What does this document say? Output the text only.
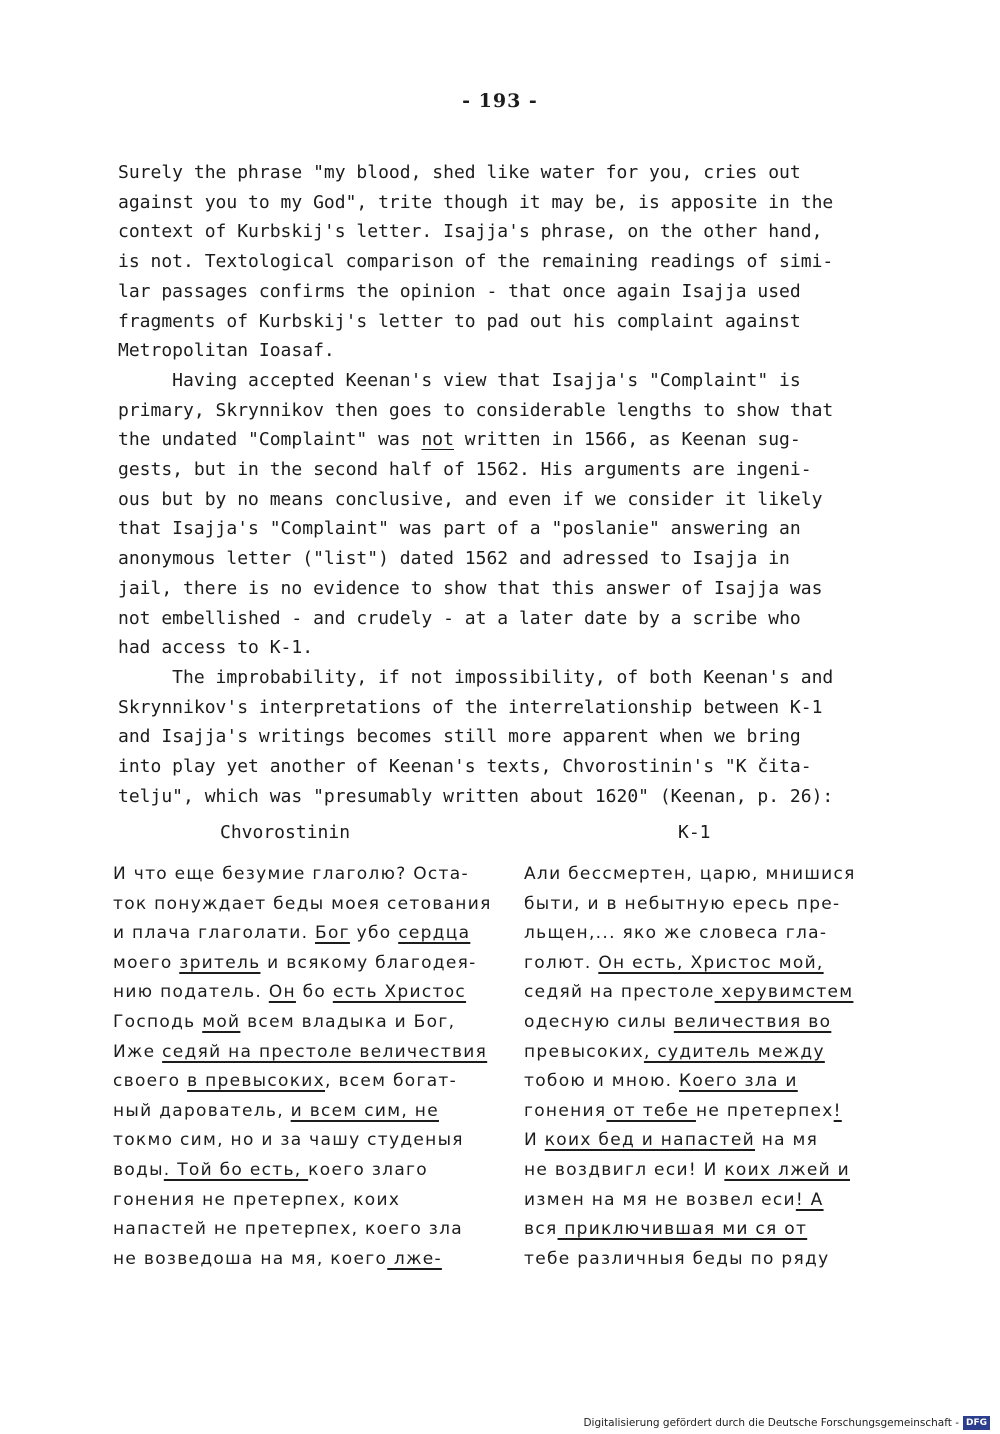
- 193 -

Surely the phrase "my blood, shed like water for you, cries out

against you to my God", trite though it may be, is apposite in the

context of Kurbskij's letter. Isajja's phrase, on the other hand,

is not. Textological comparison of the remaining readings of simi-

lar passages confirms the opinion - that once again Isajja used

fragments of Kurbskij's letter to pad out his complaint against

Metropolitan Ioasaf.

Having accepted Keenan's view that Isajja's "Complaint" is

primary, Skrynnikov then goes to considerable lengths to show that

the undated "Complaint" was not written in 1566, as Keenan sug-

gests, but in the second half of 1562. His arguments are ingeni-

ous but by no means conclusive, and even if we consider it likely

that Isajja's "Complaint" was part of a "poslanie" answering an

anonymous letter ("list") dated 1562 and adressed to Isajja in

jail, there is no evidence to show that this answer of Isajja was

not embellished - and crudely - at a later date by a scribe who

had access to K-1.

The improbability, if not impossibility, of both Keenan's and

Skrynnikov's interpretations of the interrelationship between K-1

and Isajja's writings becomes still more apparent when we bring

into play yet another of Keenan's texts, Chvorostinin's "K čita-

telju", which was "presumably written about 1620" (Keenan, p. 26):

Chvorostinin	K-1
И что еще безумие глаголю? Оста-
ток понуждает беды моея сетования
и плача глаголати. Бог убо сердца
моего зритель и всякому благодея-
нию податель. Он бо есть Христос
Господь мой всем владыка и Бог,
Иже седяй на престоле величествия
своего в превысоких, всем богат-
ный дарователь, и всем сим, не
токмо сим, но и за чашу студеныя
воды. Той бо есть, коего злаго
гонения не претерпех, коих
напастей не претерпех, коего зла
не возведоша на мя, коего лже-
Али бессмертен, царю, мнишися
быти, и в небытную ересь пре-
льщен,... яко же словеса гла-
голют. Он есть, Христос мой,
седяй на престоле херувимстем
одесную силы величествия во
превысоких, судитель между
тобою и мною. Коего зла и
гонения от тебе не претерпех!
И коих бед и напастей на мя
не воздвигл еси! И коих лжей и
измен на мя не возвел еси! А
вся приключившая ми ся от
тебе различныя беды по ряду
Digitalisierung gefördert durch die Deutsche Forschungsgemeinschaft - DFG
